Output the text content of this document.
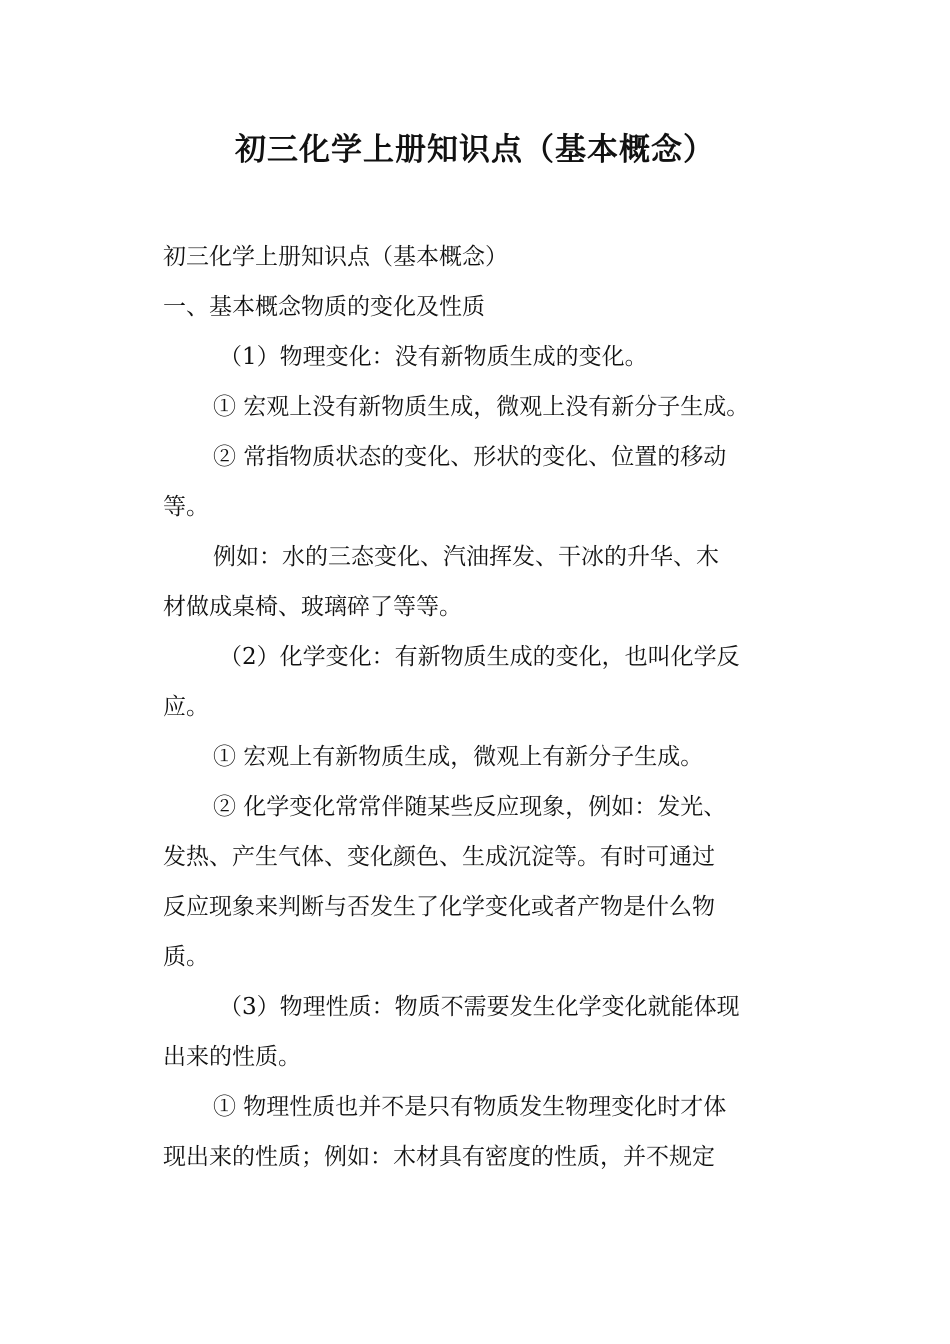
初三化学上册知识点（基本概念）

初三化学上册知识点（基本概念）

一、基本概念物质的变化及性质

（1）物理变化：没有新物质生成的变化。

① 宏观上没有新物质生成，微观上没有新分子生成。

② 常指物质状态的变化、形状的变化、位置的移动

等。

例如：水的三态变化、汽油挥发、干冰的升华、木

材做成桌椅、玻璃碎了等等。

（2）化学变化：有新物质生成的变化，也叫化学反

应。

① 宏观上有新物质生成，微观上有新分子生成。

② 化学变化常常伴随某些反应现象，例如：发光、

发热、产生气体、变化颜色、生成沉淀等。有时可通过

反应现象来判断与否发生了化学变化或者产物是什么物

质。

（3）物理性质：物质不需要发生化学变化就能体现

出来的性质。

① 物理性质也并不是只有物质发生物理变化时才体

现出来的性质；例如：木材具有密度的性质，并不规定
